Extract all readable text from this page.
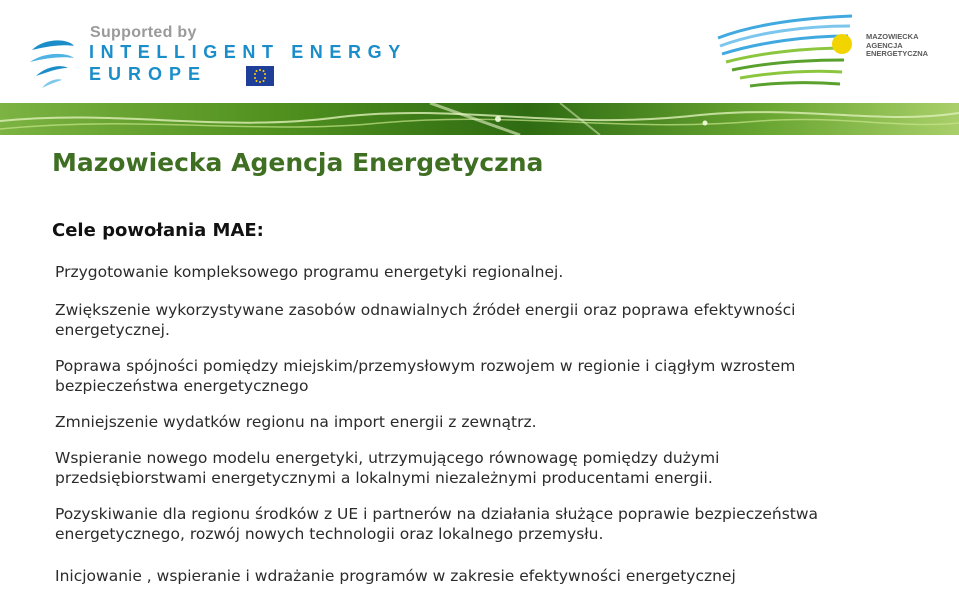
Supported by
INTELLIGENT ENERGY
EUROPE
MAZOWIECKA
AGENCJA
ENERGETYCZNA
Mazowiecka Agencja Energetyczna
Cele powołania MAE:
Przygotowanie kompleksowego programu energetyki regionalnej.
Zwiększenie wykorzystywane zasobów odnawialnych źródeł energii oraz poprawa efektywności
energetycznej.
Poprawa spójności pomiędzy miejskim/przemysłowym rozwojem w regionie i ciągłym wzrostem
bezpieczeństwa energetycznego
Zmniejszenie wydatków regionu na import energii z zewnątrz.
Wspieranie nowego modelu energetyki, utrzymującego równowagę pomiędzy dużymi
przedsiębiorstwami energetycznymi a lokalnymi niezależnymi producentami energii.
Pozyskiwanie dla regionu środków z UE i partnerów na działania służące poprawie bezpieczeństwa
energetycznego, rozwój nowych technologii oraz lokalnego przemysłu.
Inicjowanie , wspieranie i wdrażanie programów w zakresie efektywności energetycznej
